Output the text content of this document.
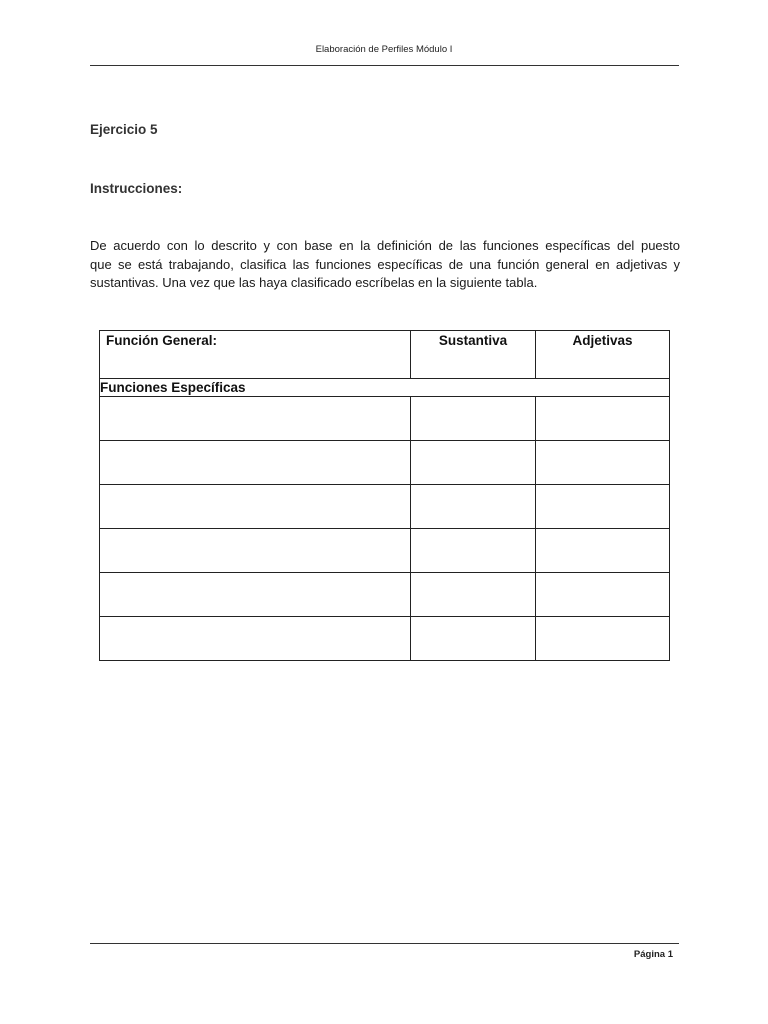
Elaboración de Perfiles Módulo I
Ejercicio 5
Instrucciones:
De acuerdo con lo descrito y con base en la definición de las funciones específicas del puesto
que se está trabajando, clasifica las funciones específicas de una función general en adjetivas y
sustantivas. Una vez que las haya clasificado escríbelas en la siguiente tabla.
Función General:	Sustantiva	Adjetivas
Funciones Específicas		

Página 1
